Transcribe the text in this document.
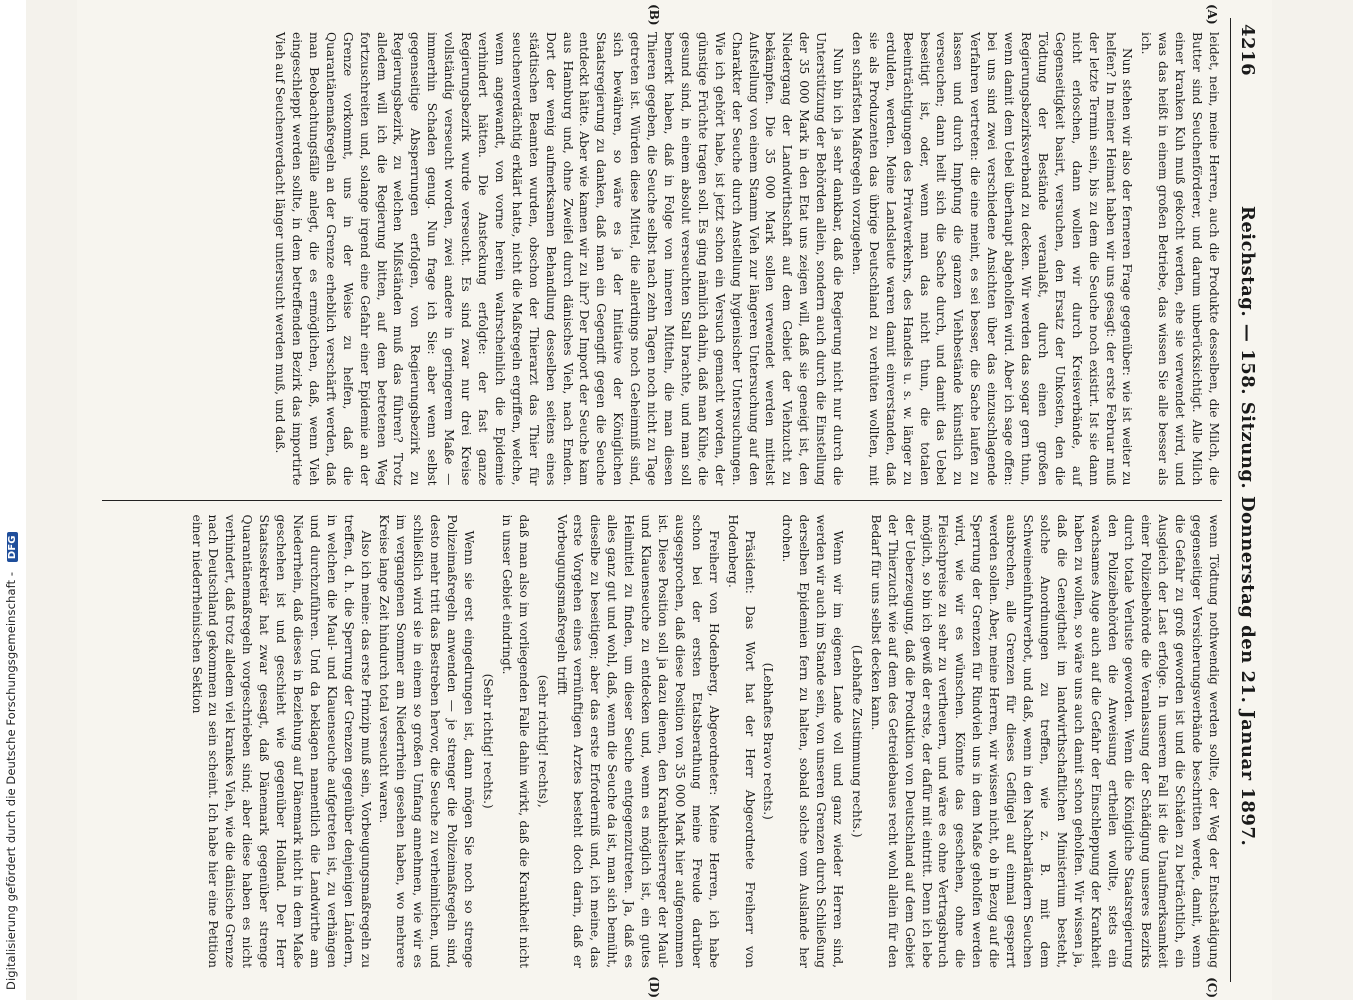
Digitalisierung gefördert durch die Deutsche Forschungsgemeinschaft - DFG
4216
Reichstag. — 158. Sitzung. Donnerstag den 21. Januar 1897.
(A)
(B)

leidet, nein, meine Herren, auch die Produkte desselben, die Milch, die Butter sind Seuchenförderer, und darum unberücksichtigt. Alle Milch einer kranken Kuh muß gekocht werden, ehe sie verwendet wird, und was das heißt in einem großen Betriebe, das wissen Sie alle besser als ich.

Nun stehen wir also der ferneren Frage gegenüber: wie ist weiter zu helfen? In meiner Heimat haben wir uns gesagt: der erste Februar muß der letzte Termin sein, bis zu dem die Seuche noch existirt. Ist sie dann nicht erloschen, dann wollen wir durch Kreisverbände, auf Gegenseitigkeit basirt, versuchen, den Ersatz der Unkosten, den die Tödtung der Bestände veranlaßt, durch einen großen Regierungsbezirksverband zu decken. Wir werden das sogar gern thun, wenn damit dem Uebel überhaupt abgeholfen wird. Aber ich sage offen: bei uns sind zwei verschiedene Ansichten über das einzuschlagende Verfahren vertreten: die eine meint, es sei besser, die Sache laufen zu lassen und durch Impfung die ganzen Viehbestände künstlich zu verseuchen; dann heilt sich die Sache durch, und damit das Uebel beseitigt ist, oder, wenn man das nicht thun, die totalen Beeinträchtigungen des Privatverkehrs, des Handels u. s. w. länger zu erdulden, werden. Meine Landsleute waren damit einverstanden, daß sie als Produzenten das übrige Deutschland zu verhüten wollten, mit den schärfsten Maßregeln vorzugehen.

Nun bin ich ja sehr dankbar, daß die Regierung nicht nur durch die Unterstützung der Behörden allein, sondern auch durch die Einstellung der 35 000 Mark in den Etat uns zeigen will, daß sie geneigt ist, den Niedergang der Landwirthschaft auf dem Gebiet der Viehzucht zu bekämpfen. Die 35 000 Mark sollen verwendet werden mittelst Aufstellung von einem Stamm Vieh zur längeren Untersuchung auf den Charakter der Seuche durch Anstellung hygienischer Untersuchungen. Wie ich gehört habe, ist jetzt schon ein Versuch gemacht worden, der günstige Früchte tragen soll. Es ging nämlich dahin, daß man Kühe, die gesund sind, in einem absolut verseuchten Stall brachte, und man soll bemerkt haben, daß in Folge von inneren Mitteln, die man diesen Thieren gegeben, die Seuche selbst nach zehn Tagen noch nicht zu Tage getreten ist. Würden diese Mittel, die allerdings noch Geheimniß sind, sich bewähren, so wäre es ja der Initiative der Königlichen Staatsregierung zu danken, daß man ein Gegengift gegen die Seuche entdeckt hätte. Aber wie kamen wir zu ihr? Der Import der Seuche kam aus Hamburg und, ohne Zweifel durch dänisches Vieh, nach Emden. Dort der wenig aufmerksamen Behandlung desselben seitens eines städtischen Beamten wurden, obschon der Thierarzt das Thier für seuchenverdächtig erklärt hatte, nicht die Maßregeln ergriffen, welche, wenn angewandt, von vorne herein wahrscheinlich die Epidemie verhindert hätten. Die Ansteckung erfolgte: der fast ganze Regierungsbezirk wurde verseucht. Es sind zwar nur drei Kreise vollständig verseucht worden, zwei andere in geringerem Maße — immerhin Schaden genug. Nun frage ich Sie: aber wenn selbst gegenseitige Absperrungen erfolgen, von Regierungsbezirk zu Regierungsbezirk, zu welchen Mißständen muß das führen? Trotz alledem will ich die Regierung bitten, auf dem betretenen Weg fortzuschreiten und, solange irgend eine Gefahr einer Epidemie an der Grenze vorkommt, uns in der Weise zu helfen, daß die Quarantänemaßregeln an der Grenze erheblich verschärft werden, daß man Beobachtungsfälle anlegt, die es ermöglichen, daß, wenn Vieh eingeschleppt werden sollte, in dem betreffenden Bezirk das importirte Vieh auf Seuchenverdacht länger untersucht werden muß, und daß.

(C)
(D)

wenn Tödtung nothwendig werden sollte, der Weg der Entschädigung gegenseitiger Versicherungsverbände beschritten werde, damit, wenn die Gefahr zu groß geworden ist und die Schäden zu beträchtlich, ein Ausgleich der Last erfolge. In unserem Fall ist die Unaufmerksamkeit einer Polizeibehörde die Veranlassung der Schädigung unseres Bezirks durch totale Verluste geworden. Wenn die Königliche Staatsregierung den Polizeibehörden die Anweisung ertheilen wollte, stets ein wachsames Auge auch auf die Gefahr der Einschleppung der Krankheit haben zu wollen, so wäre uns auch damit schon geholfen. Wir wissen ja, daß die Geneigtheit im landwirthschaftlichen Ministerium besteht, solche Anordnungen zu treffen, wie z. B. mit dem Schweineeinfuhrverbot, und daß, wenn in den Nachbarländern Seuchen ausbrechen, alle Grenzen für dieses Geflügel auf einmal gesperrt werden sollen. Aber, meine Herren, wir wissen nicht, ob in Bezug auf die Sperrung der Grenzen für Rindvieh uns in dem Maße geholfen werden wird, wie wir es wünschen. Könnte das geschehen, ohne die Fleischpreise zu sehr zu vertheuern, und wäre es ohne Vertragsbruch möglich, so bin ich gewiß der erste, der dafür mit eintritt. Denn ich lebe der Ueberzeugung, daß die Produktion von Deutschland auf dem Gebiet der Thierzucht wie auf dem des Getreidebaues recht wohl allein für den Bedarf für uns selbst decken kann.

(Lebhafte Zustimmung rechts.)

Wenn wir im eigenen Lande voll und ganz wieder Herren sind, werden wir auch im Stande sein, von unseren Grenzen durch Schließung derselben Epidemien fern zu halten, sobald solche vom Auslande her drohen.

(Lebhaftes Bravo rechts.)

Präsident: Das Wort hat der Herr Abgeordnete Freiherr von Hodenberg.

Freiherr von Hodenberg, Abgeordneter: Meine Herren, ich habe schon bei der ersten Etatsberathung meine Freude darüber ausgesprochen, daß diese Position von 35 000 Mark hier aufgenommen ist. Diese Position soll ja dazu dienen, den Krankheitserreger der Maul- und Klauenseuche zu entdecken und, wenn es möglich ist, ein gutes Heilmittel zu finden, um dieser Seuche entgegenzutreten. Ja, daß es alles ganz gut und wohl, daß, wenn die Seuche da ist, man sich bemüht, dieselbe zu beseitigen; aber das erste Erforderniß und, ich meine, das erste Vorgehen eines vernünftigen Arztes besteht doch darin, daß er Vorbeugungsmaßregeln trifft

(sehr richtig! rechts),

daß man also im vorliegenden Falle dahin wirkt, daß die Krankheit nicht in unser Gebiet eindringt.

(Sehr richtig! rechts.)

Wenn sie erst eingedrungen ist, dann mögen Sie noch so strenge Polizeimaßregeln anwenden — je strenger die Polizeimaßregeln sind, desto mehr tritt das Bestreben hervor, die Seuche zu verheimlichen, und schließlich wird sie in einem so großen Umfang annehmen, wie wir es im vergangenen Sommer am Niederrhein gesehen haben, wo mehrere Kreise lange Zeit hindurch total verseucht waren.

Also ich meine: das erste Prinzip muß sein, Vorbeugungsmaßregeln zu treffen, d. h. die Sperrung der Grenzen gegenüber denjenigen Ländern, in welchen die Maul- und Klauenseuche aufgetreten ist, zu verhängen und durchzuführen. Und da beklagen namentlich die Landwirthe am Niederrhein, daß dieses in Beziehung auf Dänemark nicht in dem Maße geschehen ist und geschieht wie gegenüber Holland. Der Herr Staatssekretär hat zwar gesagt, daß Dänemark gegenüber strenge Quarantänemaßregeln vorgeschrieben sind; aber diese haben es nicht verhindert, daß trotz alledem viel krankes Vieh, wie die dänische Grenze nach Deutschland gekommen zu sein scheint. Ich habe hier eine Petition einer niederrheinischen Sektion
